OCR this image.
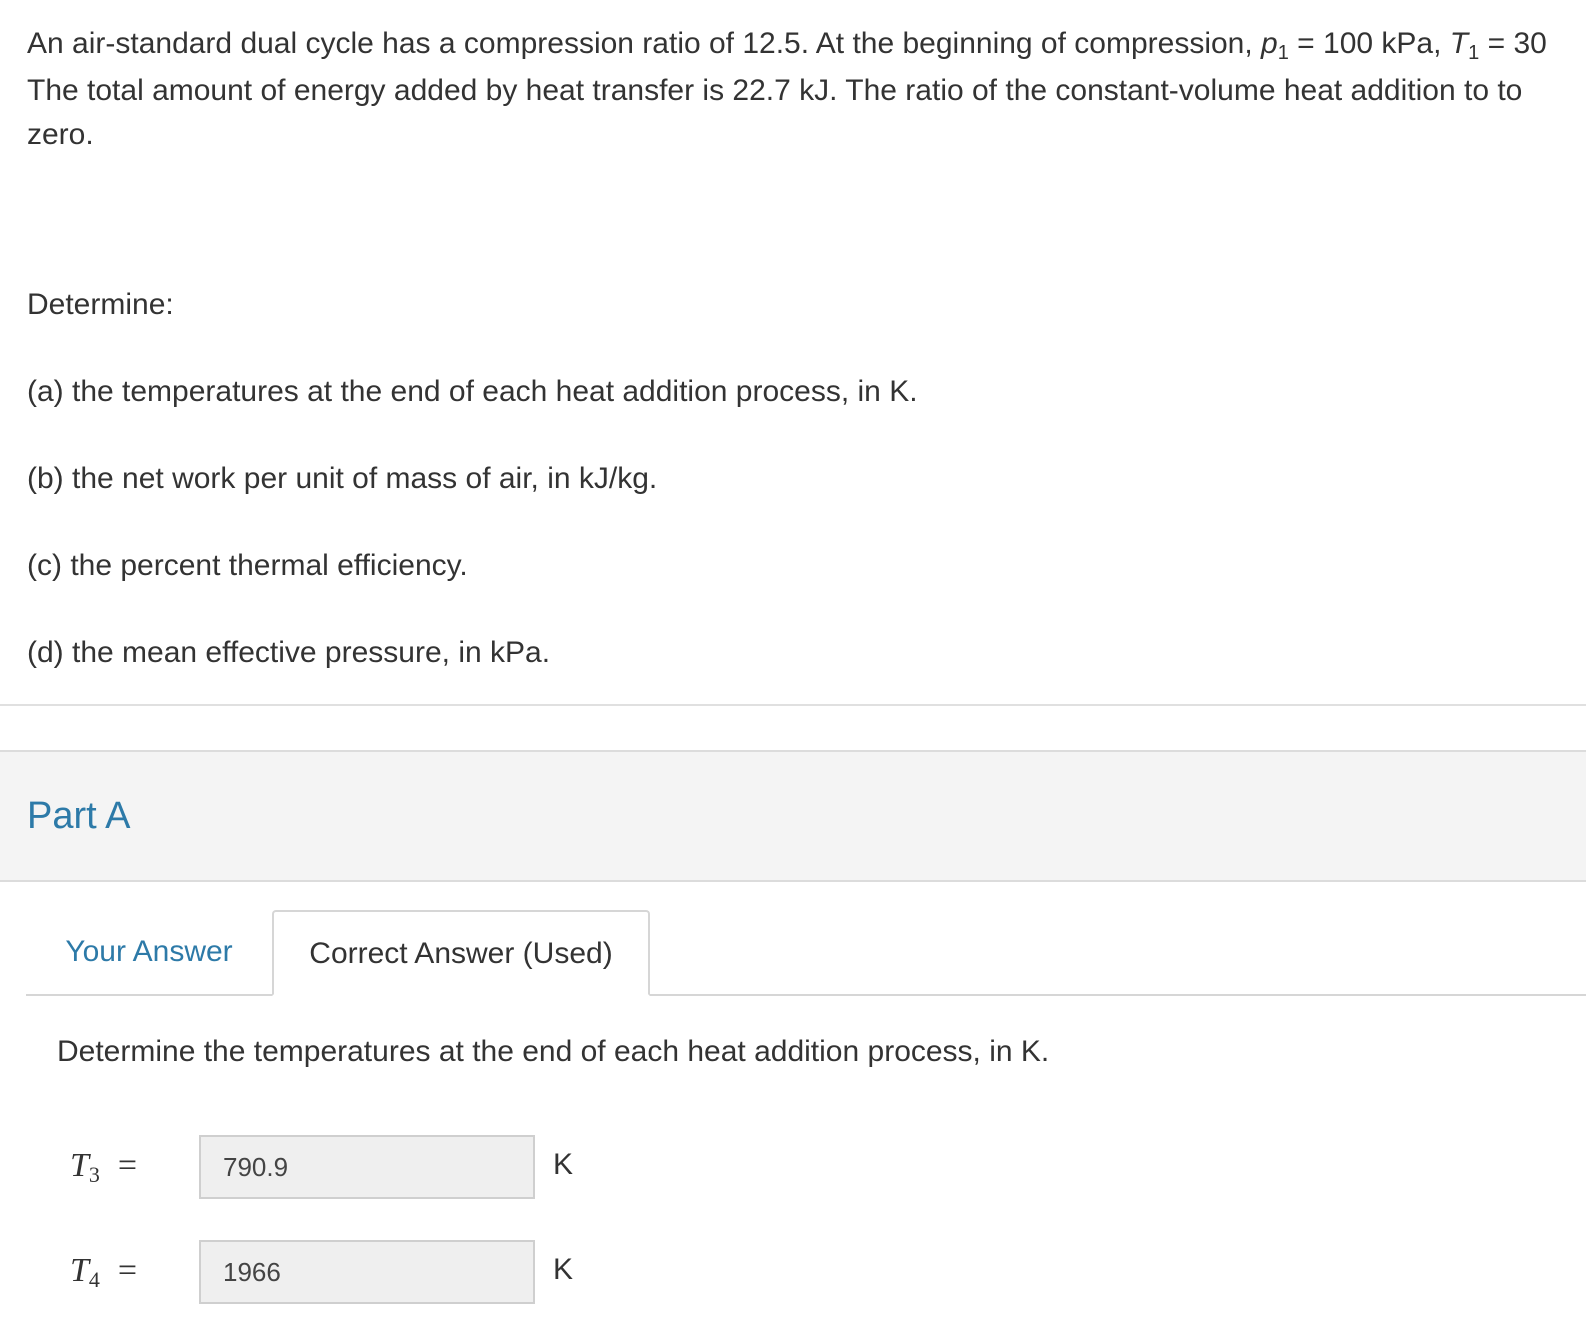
An air-standard dual cycle has a compression ratio of 12.5. At the beginning of compression, $p_1 = 100$ kPa, $T_1 = 30$
The total amount of energy added by heat transfer is 22.7 kJ. The ratio of the constant-volume heat addition to to
zero.
Determine:
(a) the temperatures at the end of each heat addition process, in K.
(b) the net work per unit of mass of air, in kJ/kg.
(c) the percent thermal efficiency.
(d) the mean effective pressure, in kPa.
Part A
Your Answer	Correct Answer (Used)
Determine the temperatures at the end of each heat addition process, in K.
T3 =	790.9	K
T4 =	1966	K
